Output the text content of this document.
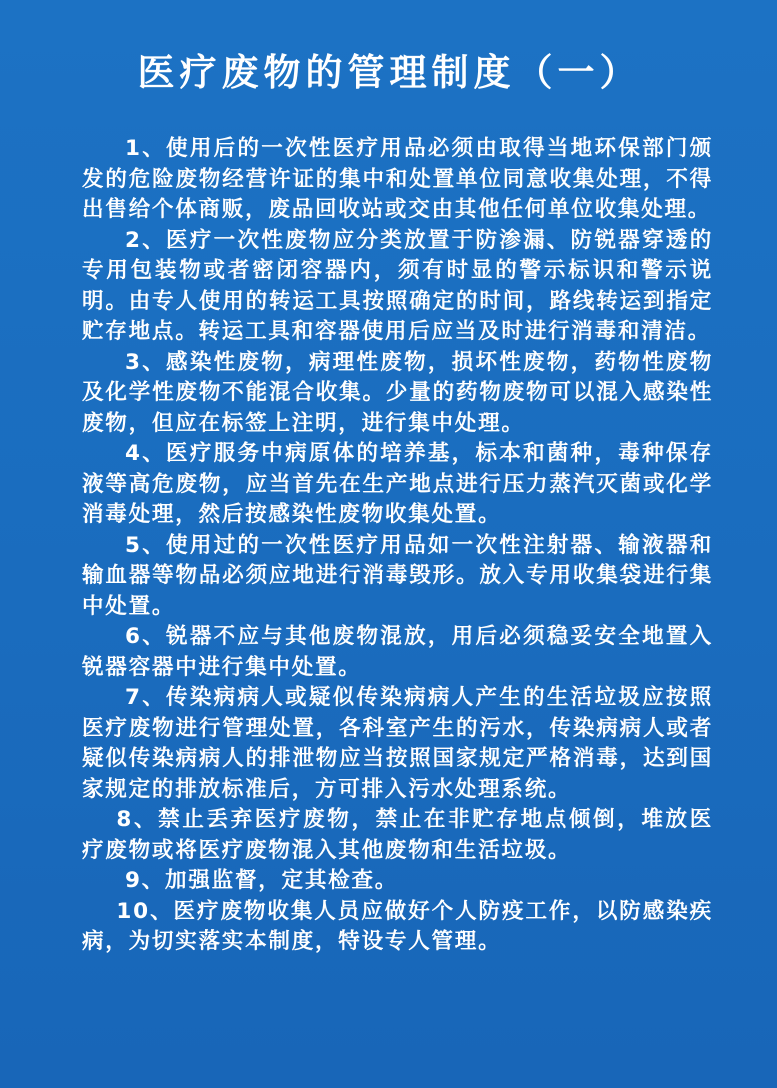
医疗废物的管理制度（一）

1、使用后的一次性医疗用品必须由取得当地环保部门颁发的危险废物经营许证的集中和处置单位同意收集处理，不得出售给个体商贩，废品回收站或交由其他任何单位收集处理。

2、医疗一次性废物应分类放置于防渗漏、防锐器穿透的专用包装物或者密闭容器内，须有时显的警示标识和警示说明。由专人使用的转运工具按照确定的时间，路线转运到指定贮存地点。转运工具和容器使用后应当及时进行消毒和清洁。

3、感染性废物，病理性废物，损坏性废物，药物性废物及化学性废物不能混合收集。少量的药物废物可以混入感染性废物，但应在标签上注明，进行集中处理。

4、医疗服务中病原体的培养基，标本和菌种，毒种保存液等高危废物，应当首先在生产地点进行压力蒸汽灭菌或化学消毒处理，然后按感染性废物收集处置。

5、使用过的一次性医疗用品如一次性注射器、输液器和输血器等物品必须应地进行消毒毁形。放入专用收集袋进行集中处置。

6、锐器不应与其他废物混放，用后必须稳妥安全地置入锐器容器中进行集中处置。

7、传染病病人或疑似传染病病人产生的生活垃圾应按照医疗废物进行管理处置，各科室产生的污水，传染病病人或者疑似传染病病人的排泄物应当按照国家规定严格消毒，达到国家规定的排放标准后，方可排入污水处理系统。

8、禁止丢弃医疗废物，禁止在非贮存地点倾倒，堆放医疗废物或将医疗废物混入其他废物和生活垃圾。

9、加强监督，定其检查。

10、医疗废物收集人员应做好个人防疫工作，以防感染疾病，为切实落实本制度，特设专人管理。
